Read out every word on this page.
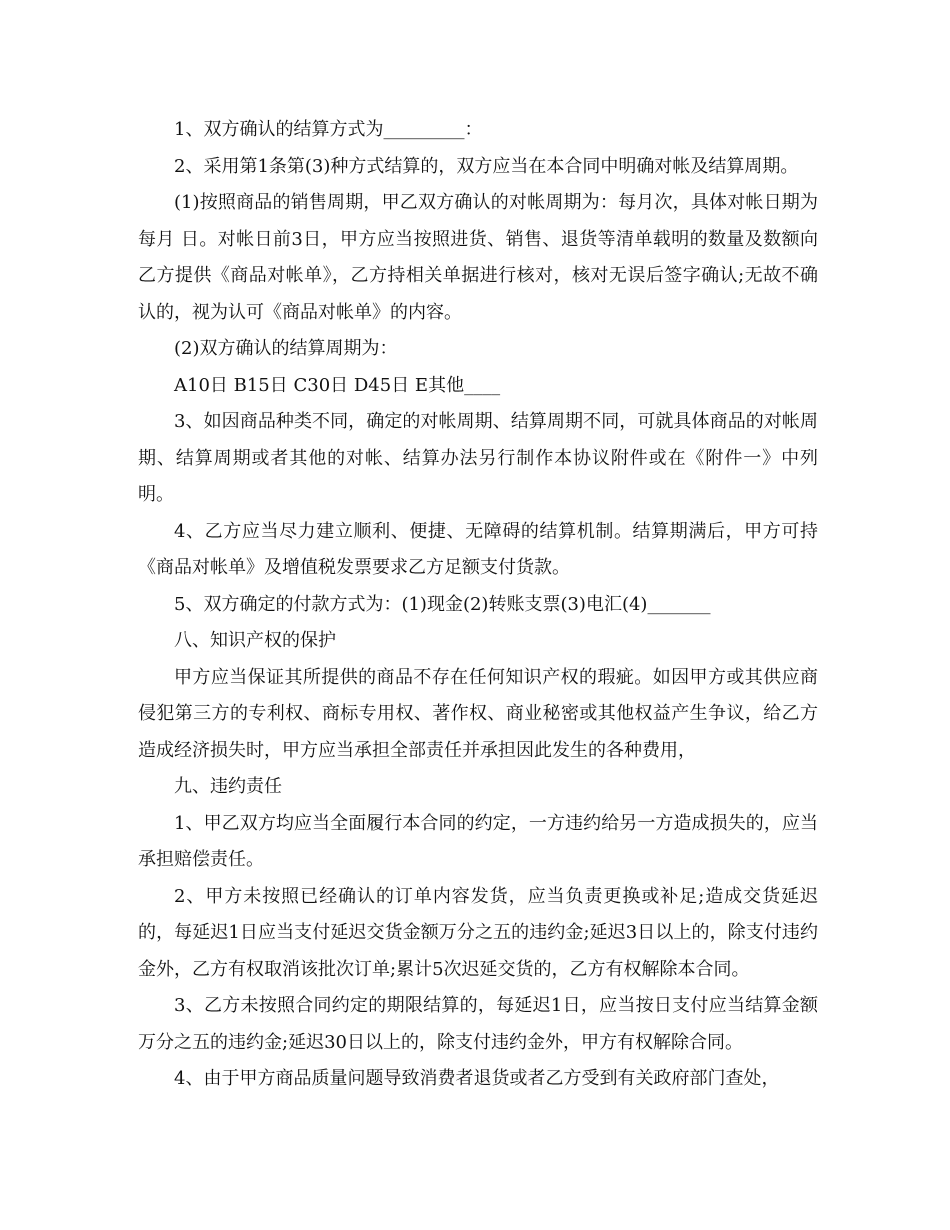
1、双方确认的结算方式为_________：

2、采用第1条第(3)种方式结算的，双方应当在本合同中明确对帐及结算周期。

(1)按照商品的销售周期，甲乙双方确认的对帐周期为：每月次，具体对帐日期为每月 日。对帐日前3日，甲方应当按照进货、销售、退货等清单载明的数量及数额向乙方提供《商品对帐单》，乙方持相关单据进行核对，核对无误后签字确认;无故不确认的，视为认可《商品对帐单》的内容。

(2)双方确认的结算周期为：

A10日 B15日 C30日 D45日 E其他____

3、如因商品种类不同，确定的对帐周期、结算周期不同，可就具体商品的对帐周期、结算周期或者其他的对帐、结算办法另行制作本协议附件或在《附件一》中列明。

4、乙方应当尽力建立顺利、便捷、无障碍的结算机制。结算期满后，甲方可持《商品对帐单》及增值税发票要求乙方足额支付货款。

5、双方确定的付款方式为：(1)现金(2)转账支票(3)电汇(4)_______

八、知识产权的保护

甲方应当保证其所提供的商品不存在任何知识产权的瑕疵。如因甲方或其供应商侵犯第三方的专利权、商标专用权、著作权、商业秘密或其他权益产生争议，给乙方造成经济损失时，甲方应当承担全部责任并承担因此发生的各种费用，

九、违约责任

1、甲乙双方均应当全面履行本合同的约定，一方违约给另一方造成损失的，应当承担赔偿责任。

2、甲方未按照已经确认的订单内容发货，应当负责更换或补足;造成交货延迟的，每延迟1日应当支付延迟交货金额万分之五的违约金;延迟3日以上的，除支付违约金外，乙方有权取消该批次订单;累计5次迟延交货的，乙方有权解除本合同。

3、乙方未按照合同约定的期限结算的，每延迟1日，应当按日支付应当结算金额万分之五的违约金;延迟30日以上的，除支付违约金外，甲方有权解除合同。

4、由于甲方商品质量问题导致消费者退货或者乙方受到有关政府部门查处，
